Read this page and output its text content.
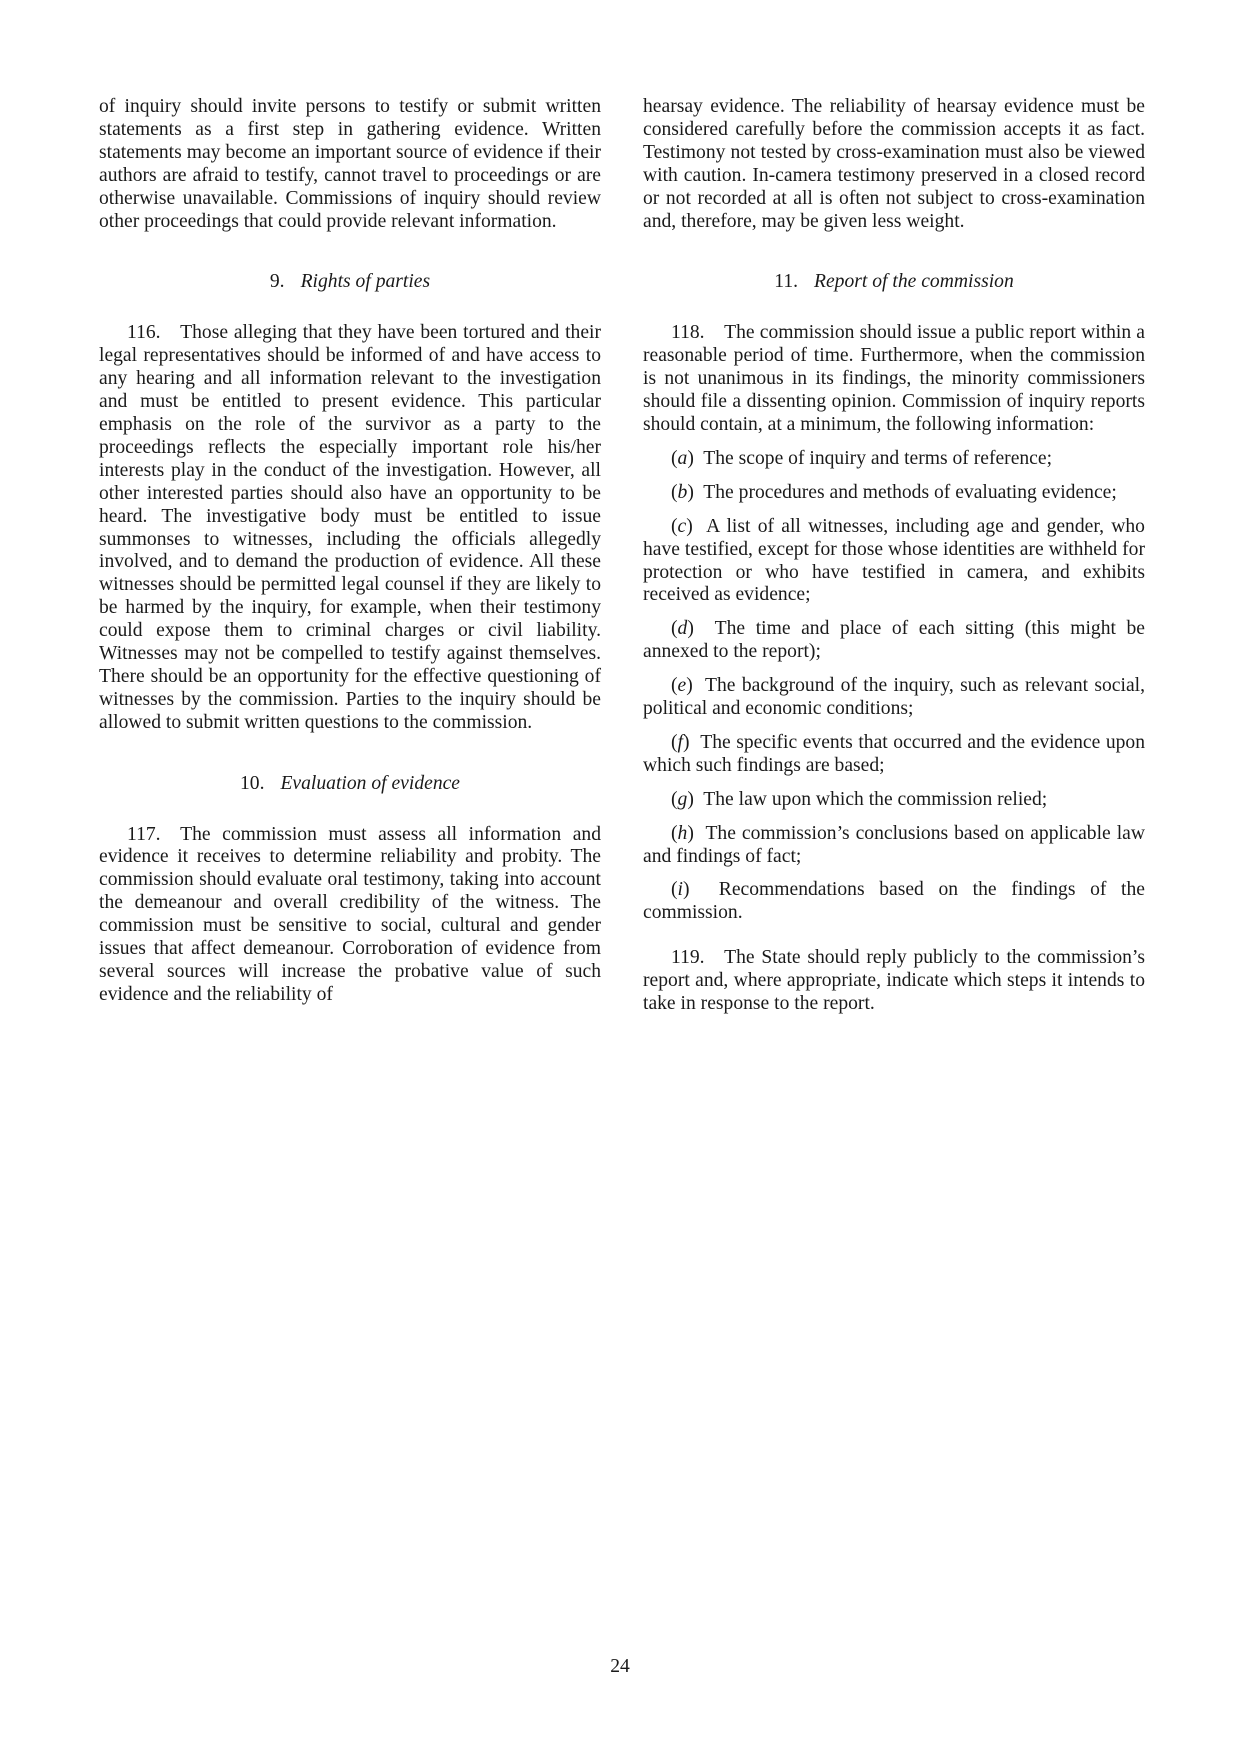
of inquiry should invite persons to testify or submit written statements as a first step in gathering evidence. Written statements may become an important source of evidence if their authors are afraid to testify, cannot travel to proceedings or are otherwise unavailable. Commissions of inquiry should review other proceedings that could provide relevant information.

9. Rights of parties

116. Those alleging that they have been tortured and their legal representatives should be informed of and have access to any hearing and all information relevant to the investigation and must be entitled to present evidence. This particular emphasis on the role of the survivor as a party to the proceedings reflects the especially important role his/her interests play in the conduct of the investigation. However, all other interested parties should also have an opportunity to be heard. The investigative body must be entitled to issue summonses to witnesses, including the officials allegedly involved, and to demand the production of evidence. All these witnesses should be permitted legal counsel if they are likely to be harmed by the inquiry, for example, when their testimony could expose them to criminal charges or civil liability. Witnesses may not be compelled to testify against themselves. There should be an opportunity for the effective questioning of witnesses by the commission. Parties to the inquiry should be allowed to submit written questions to the commission.

10. Evaluation of evidence

117. The commission must assess all information and evidence it receives to determine reliability and probity. The commission should evaluate oral testimony, taking into account the demeanour and overall credibility of the witness. The commission must be sensitive to social, cultural and gender issues that affect demeanour. Corroboration of evidence from several sources will increase the probative value of such evidence and the reliability of

hearsay evidence. The reliability of hearsay evidence must be considered carefully before the commission accepts it as fact. Testimony not tested by cross-examination must also be viewed with caution. In-camera testimony preserved in a closed record or not recorded at all is often not subject to cross-examination and, therefore, may be given less weight.

11. Report of the commission

118. The commission should issue a public report within a reasonable period of time. Furthermore, when the commission is not unanimous in its findings, the minority commissioners should file a dissenting opinion. Commission of inquiry reports should contain, at a minimum, the following information:

(a)  The scope of inquiry and terms of reference;

(b)  The procedures and methods of evaluating evidence;

(c)  A list of all witnesses, including age and gender, who have testified, except for those whose identities are withheld for protection or who have testified in camera, and exhibits received as evidence;

(d)  The time and place of each sitting (this might be annexed to the report);

(e)  The background of the inquiry, such as relevant social, political and economic conditions;

(f)  The specific events that occurred and the evidence upon which such findings are based;

(g)  The law upon which the commission relied;

(h)  The commission’s conclusions based on applicable law and findings of fact;

(i)  Recommendations based on the findings of the commission.

119. The State should reply publicly to the commission’s report and, where appropriate, indicate which steps it intends to take in response to the report.

24
